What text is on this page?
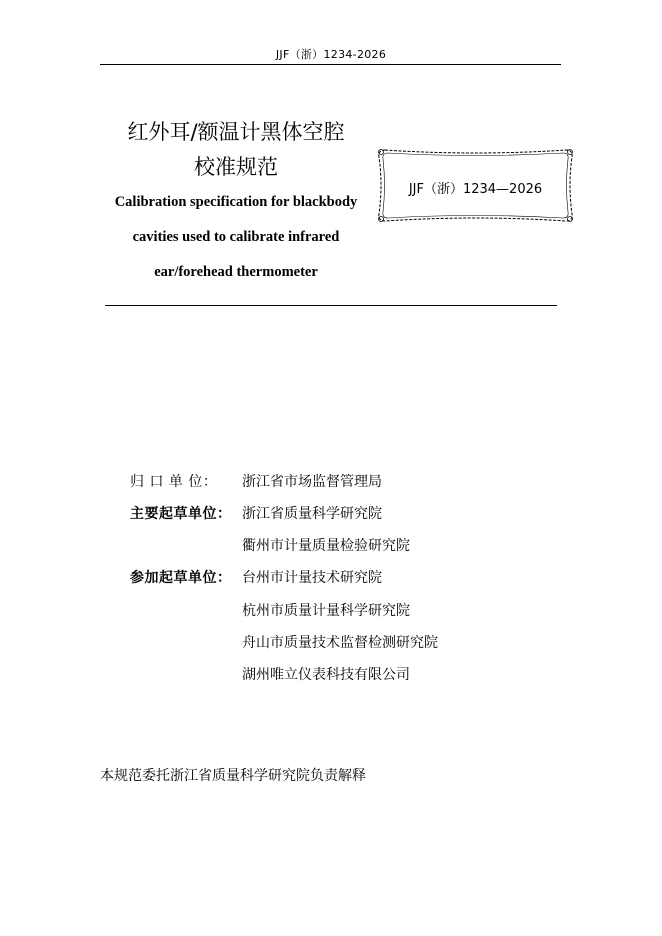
JJF（浙）1234-2026
红外耳/额温计黑体空腔
校准规范
Calibration specification for blackbody
cavities used to calibrate infrared
ear/forehead thermometer
JJF（浙）1234—2026
归 口 单 位：	浙江省市场监督管理局
主要起草单位： 浙江省质量科学研究院
衢州市计量质量检验研究院
参加起草单位： 台州市计量技术研究院
杭州市质量计量科学研究院
舟山市质量技术监督检测研究院
湖州唯立仪表科技有限公司
本规范委托浙江省质量科学研究院负责解释
